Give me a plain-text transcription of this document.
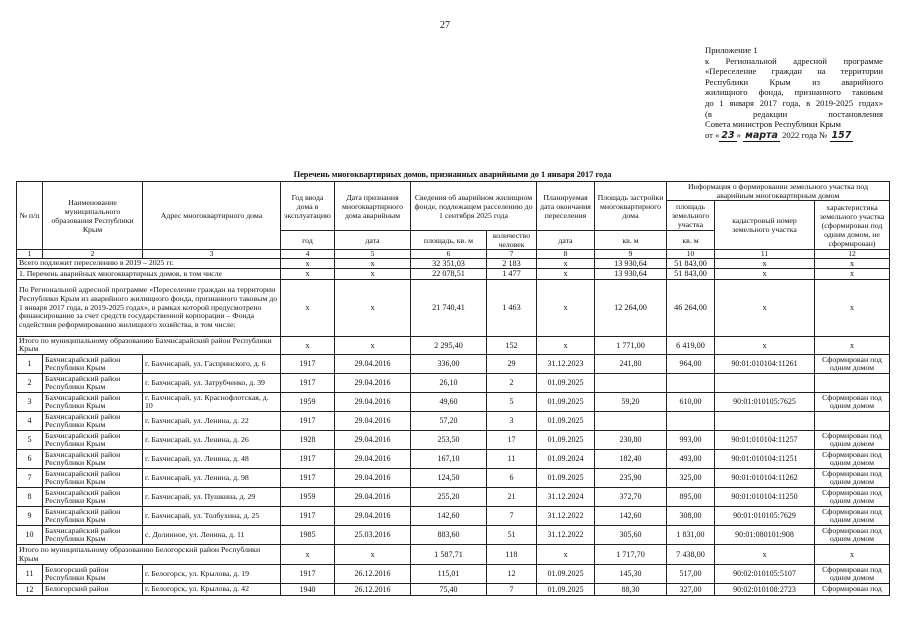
27
Приложение 1
к Региональной адресной программе
«Переселение граждан на территории
Республики Крым из аварийного
жилищного фонда, признанного таковым
до 1 января 2017 года, в 2019-2025 годах»
(в редакции постановления
Совета министров Республики Крым
от « 23 » марта 2022 года № 157
Перечень многоквартирных домов, признанных аварийными до 1 января 2017 года
№ п/п	Наименование муниципального образования Республики Крым	Адрес многоквартирного дома	Год ввода дома в эксплуатацию	Дата признания многоквартирного дома аварийным	Сведения об аварийном жилищном фонде, подлежащем расселению до 1 сентября 2025 года		Планируемая дата окончания переселения	Площадь застройки многоквартирного дома	Информация о формировании земельного участка под аварийным многоквартирным домом		
									площадь земельного участка	кадастровый номер земельного участка	характеристика земельного участка (сформирован под одним домом, не сформирован)
			год	дата	площадь, кв. м	количество человек	дата	кв. м	кв. м		
1	2	3	4	5	6	7	8	9	10	11	12
Всего подлежит переселению в 2019 – 2025 гг.			х	х	32 351,03	2 183	х	13 930,64	51 843,00	х	х
1. Перечень аварийных многоквартирных домов, в том числе			х	х	22 078,51	1 477	х	13 930,64	51 843,00	х	х
По Региональной адресной программе «Переселение граждан на территории Республики Крым из аварийного жилищного фонда, признанного таковым до 1 января 2017 года, в 2019-2025 годах», в рамках которой предусмотрено финансирование за счет средств государственной корпорации – Фонда содействия реформированию жилищного хозяйства, в том числе:			х	х	21 740,41	1 463	х	12 264,00	46 264,00	х	х
Итого по муниципальному образованию Бахчисарайский район Республики Крым			х	х	2 295,40	152	х	1 771,00	6 419,00	х	х
1	Бахчисарайский район Республики Крым	г. Бахчисарай, ул. Гаспринского, д. 6	1917	29.04.2016	336,00	29	31.12.2023	241,80	964,00	90:01:010104:11261	Сформирован под одним домом
2	Бахчисарайский район Республики Крым	г. Бахчисарай, ул. Затрубченко, д. 39	1917	29.04.2016	26,10	2	01.09.2025				
3	Бахчисарайский район Республики Крым	г. Бахчисарай, ул. Краснофлотская, д. 10	1959	29.04.2016	49,60	5	01.09.2025	59,20	610,00	90:01:010105:7625	Сформирован под одним домом
4	Бахчисарайский район Республики Крым	г. Бахчисарай, ул. Ленина, д. 22	1917	29.04.2016	57,20	3	01.09.2025				
5	Бахчисарайский район Республики Крым	г. Бахчисарай, ул. Ленина, д. 26	1928	29.04.2016	253,50	17	01.09.2025	230,80	993,00	90:01:010104:11257	Сформирован под одним домом
6	Бахчисарайский район Республики Крым	г. Бахчисарай, ул. Ленина, д. 48	1917	29.04.2016	167,10	11	01.09.2024	182,40	493,00	90:01:010104:11251	Сформирован под одним домом
7	Бахчисарайский район Республики Крым	г. Бахчисарай, ул. Ленина, д. 98	1917	29.04.2016	124,50	6	01.09.2025	235,90	325,00	90:01:010104:11262	Сформирован под одним домом
8	Бахчисарайский район Республики Крым	г. Бахчисарай, ул. Пушкина, д. 29	1959	29.04.2016	255,20	21	31.12.2024	372,70	895,00	90:01:010104:11250	Сформирован под одним домом
9	Бахчисарайский район Республики Крым	г. Бахчисарай, ул. Толбухина, д. 25	1917	29.04.2016	142,60	7	31.12.2022	142,60	308,00	90:01:010105:7629	Сформирован под одним домом
10	Бахчисарайский район Республики Крым	с. Долинное, ул. Ленина, д. 11	1985	25.03.2016	883,60	51	31.12.2022	305,60	1 831,00	90:01:080101:908	Сформирован под одним домом
Итого по муниципальному образованию Белогорский район Республики Крым			х	х	1 587,71	118	х	1 717,70	7 438,00	х	х
11	Белогорский район Республики Крым	г. Белогорск, ул. Крылова, д. 19	1917	26.12.2016	115,01	12	01.09.2025	145,30	517,00	90:02:010105:5107	Сформирован под одним домом
12	Белогорский район	г. Белогорск, ул. Крылова, д. 42	1940	26.12.2016	75,40	7	01.09.2025	88,30	327,00	90:02:010108:2723	Сформирован под
